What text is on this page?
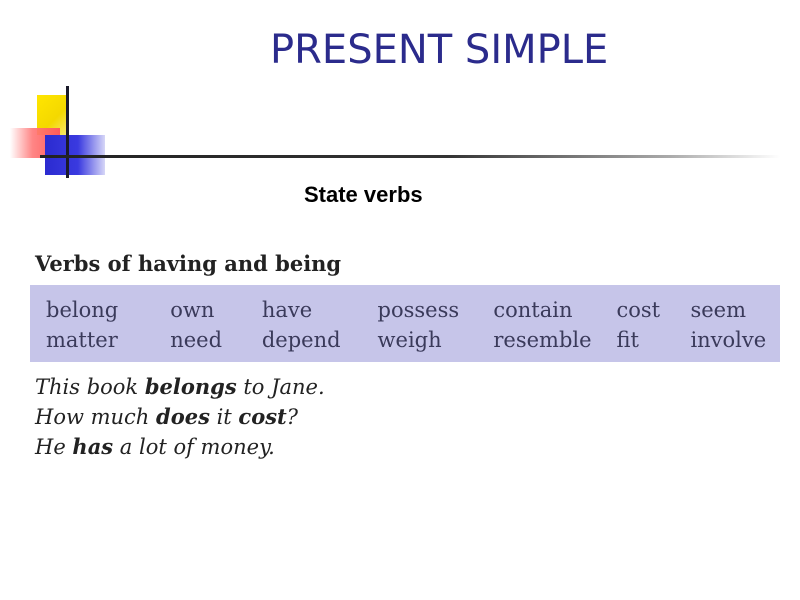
PRESENT SIMPLE
State verbs
Verbs of having and being
belong	own	have	possess	contain	cost	seem
matter	need	depend	weigh	resemble	fit	involve
This book belongs to Jane.
How much does it cost?
He has a lot of money.
